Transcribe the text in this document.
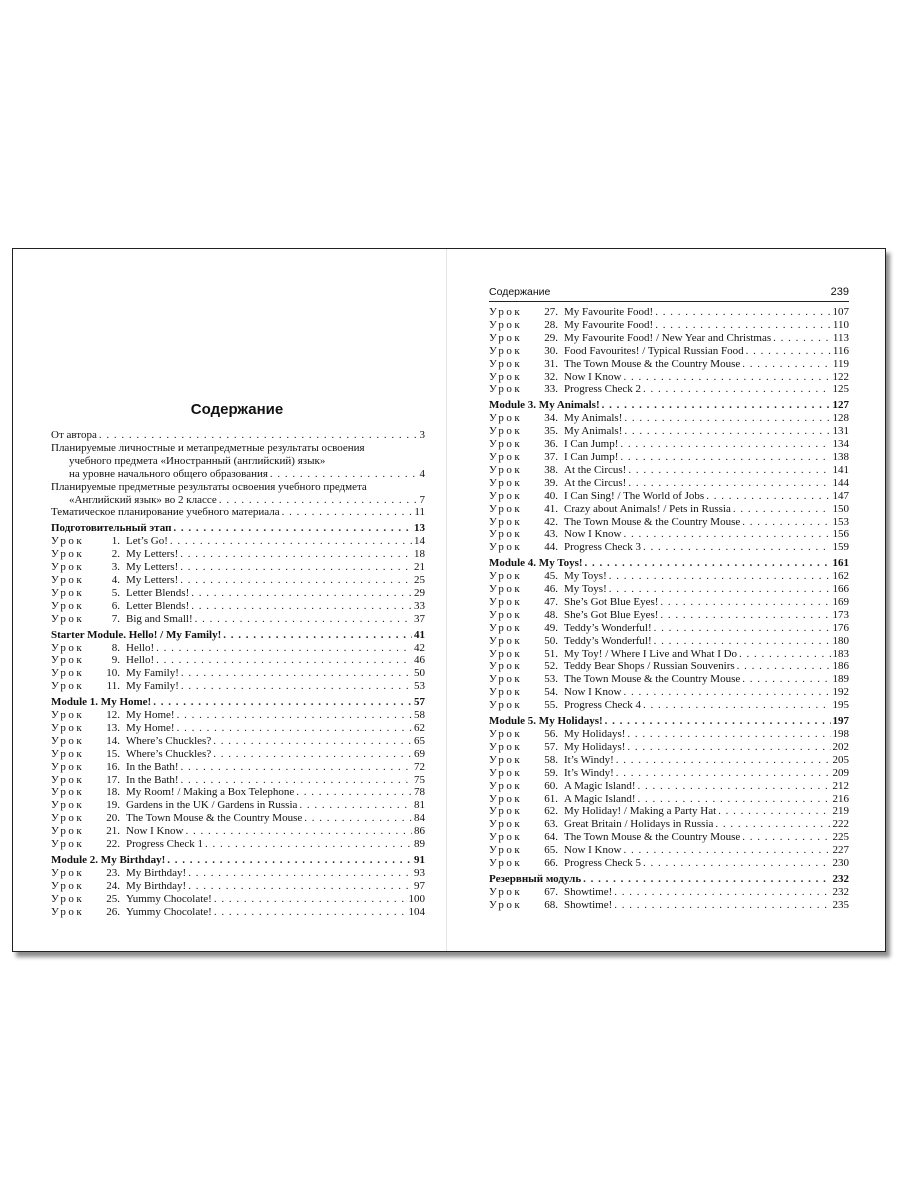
Содержание
От автора . . .	3
Планируемые личностные и метапредметные результаты освоения
учебного предмета «Иностранный (английский) язык»
на уровне начального общего образования . . .	4
Планируемые предметные результаты освоения учебного предмета
«Английский язык» во 2 классе . . .	7
Тематическое планирование учебного материала . . .	11
Подготовительный этап . . .	13
Урок	1. Let’s Go! . . .	14
Урок	2. My Letters! . . .	18
Урок	3. My Letters! . . .	21
Урок	4. My Letters! . . .	25
Урок	5. Letter Blends! . . .	29
Урок	6. Letter Blends! . . .	33
Урок	7. Big and Small! . . .	37
Starter Module. Hello! / My Family! . . .	41
Урок	8. Hello! . . .	42
Урок	9. Hello! . . .	46
Урок 10. My Family! . . .	50
Урок 11. My Family! . . .	53
Module 1. My Home! . . .	57
Урок 12. My Home! . . .	58
Урок 13. My Home! . . .	62
Урок 14. Where’s Chuckles? . . .	65
Урок 15. Where’s Chuckles? . . .	69
Урок 16. In the Bath! . . .	72
Урок 17. In the Bath! . . .	75
Урок 18. My Room! / Making a Box Telephone . . .	78
Урок 19. Gardens in the UK / Gardens in Russia . . .	81
Урок 20. The Town Mouse & the Country Mouse . . .	84
Урок 21. Now I Know . . .	86
Урок 22. Progress Check 1 . . .	89
Module 2. My Birthday! . . .	91
Урок 23. My Birthday! . . .	93
Урок 24. My Birthday! . . .	97
Урок 25. Yummy Chocolate! . . .	100
Урок 26. Yummy Chocolate! . . .	104
Содержание	239
Урок 27. My Favourite Food! . . .	107
Урок 28. My Favourite Food! . . .	110
Урок 29. My Favourite Food! / New Year and Christmas . . .	113
Урок 30. Food Favourites! / Typical Russian Food . . .	116
Урок 31. The Town Mouse & the Country Mouse . . .	119
Урок 32. Now I Know . . .	122
Урок 33. Progress Check 2 . . .	125
Module 3. My Animals! . . .	127
Урок 34. My Animals! . . .	128
Урок 35. My Animals! . . .	131
Урок 36. I Can Jump! . . .	134
Урок 37. I Can Jump! . . .	138
Урок 38. At the Circus! . . .	141
Урок 39. At the Circus! . . .	144
Урок 40. I Can Sing! / The World of Jobs . . .	147
Урок 41. Crazy about Animals! / Pets in Russia . . .	150
Урок 42. The Town Mouse & the Country Mouse . . .	153
Урок 43. Now I Know . . .	156
Урок 44. Progress Check 3 . . .	159
Module 4. My Toys! . . .	161
Урок 45. My Toys! . . .	162
Урок 46. My Toys! . . .	166
Урок 47. She’s Got Blue Eyes! . . .	169
Урок 48. She’s Got Blue Eyes! . . .	173
Урок 49. Teddy’s Wonderful! . . .	176
Урок 50. Teddy’s Wonderful! . . .	180
Урок 51. My Toy! / Where I Live and What I Do . . .	183
Урок 52. Teddy Bear Shops / Russian Souvenirs . . .	186
Урок 53. The Town Mouse & the Country Mouse . . .	189
Урок 54. Now I Know . . .	192
Урок 55. Progress Check 4 . . .	195
Module 5. My Holidays! . . .	197
Урок 56. My Holidays! . . .	198
Урок 57. My Holidays! . . .	202
Урок 58. It’s Windy! . . .	205
Урок 59. It’s Windy! . . .	209
Урок 60. A Magic Island! . . .	212
Урок 61. A Magic Island! . . .	216
Урок 62. My Holiday! / Making a Party Hat . . .	219
Урок 63. Great Britain / Holidays in Russia . . .	222
Урок 64. The Town Mouse & the Country Mouse . . .	225
Урок 65. Now I Know . . .	227
Урок 66. Progress Check 5 . . .	230
Резервный модуль . . .	232
Урок 67. Showtime! . . .	232
Урок 68. Showtime! . . .	235
